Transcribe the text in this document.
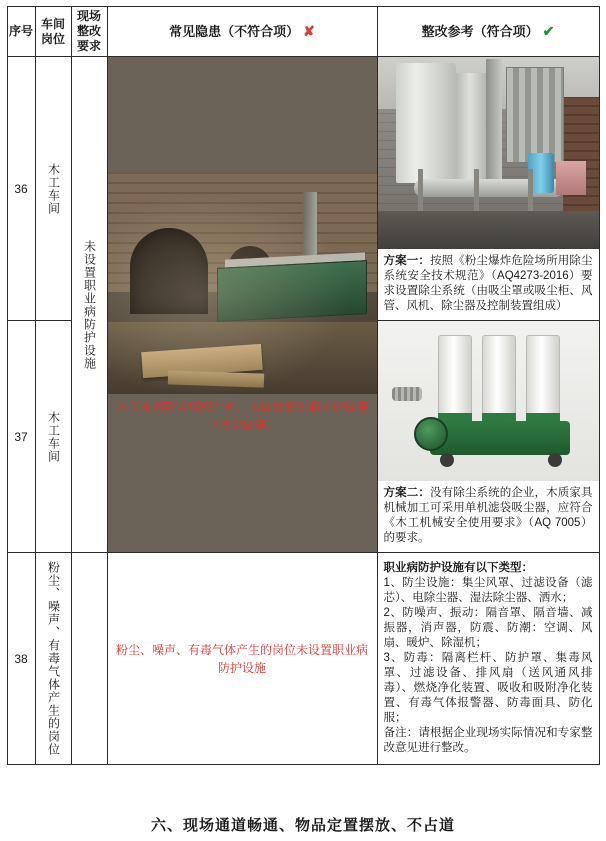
序号	车间岗位	现场整改要求	常见隐患（不符合项） ✘	整改参考（符合项） ✔
36	木工车间	未设置职业病防护设施	木工车间粉尘堆积严重，未设置职业病防护设施（除尘设施）	方案一：按照《粉尘爆炸危险场所用除尘系统安全技术规范》（AQ4273-2016）要求设置除尘系统（由吸尘罩或吸尘柜、风管、风机、除尘器及控制装置组成）

37	木工车间			方案二：没有除尘系统的企业，木质家具机械加工可采用单机滤袋吸尘器，应符合《木工机械安全使用要求》（AQ 7005）的要求。

38	粉尘、噪声、有毒气体产生的岗位		粉尘、噪声、有毒气体产生的岗位未设置职业病防护设施	职业病防护设施有以下类型：
1、防尘设施：集尘风罩、过滤设备（滤芯）、电除尘器、湿法除尘器、洒水；
2、防噪声、振动：隔音罩、隔音墙、减振器，消声器，防震、防潮：空调、风扇、暖炉、除湿机；
3、防毒：隔离栏杆、防护罩、集毒风罩、过滤设备、排风扇（送风通风排毒）、燃烧净化装置、吸收和吸附净化装置、有毒气体报警器、防毒面具、防化服；
备注：请根据企业现场实际情况和专家整改意见进行整改。
六、现场通道畅通、物品定置摆放、不占道
